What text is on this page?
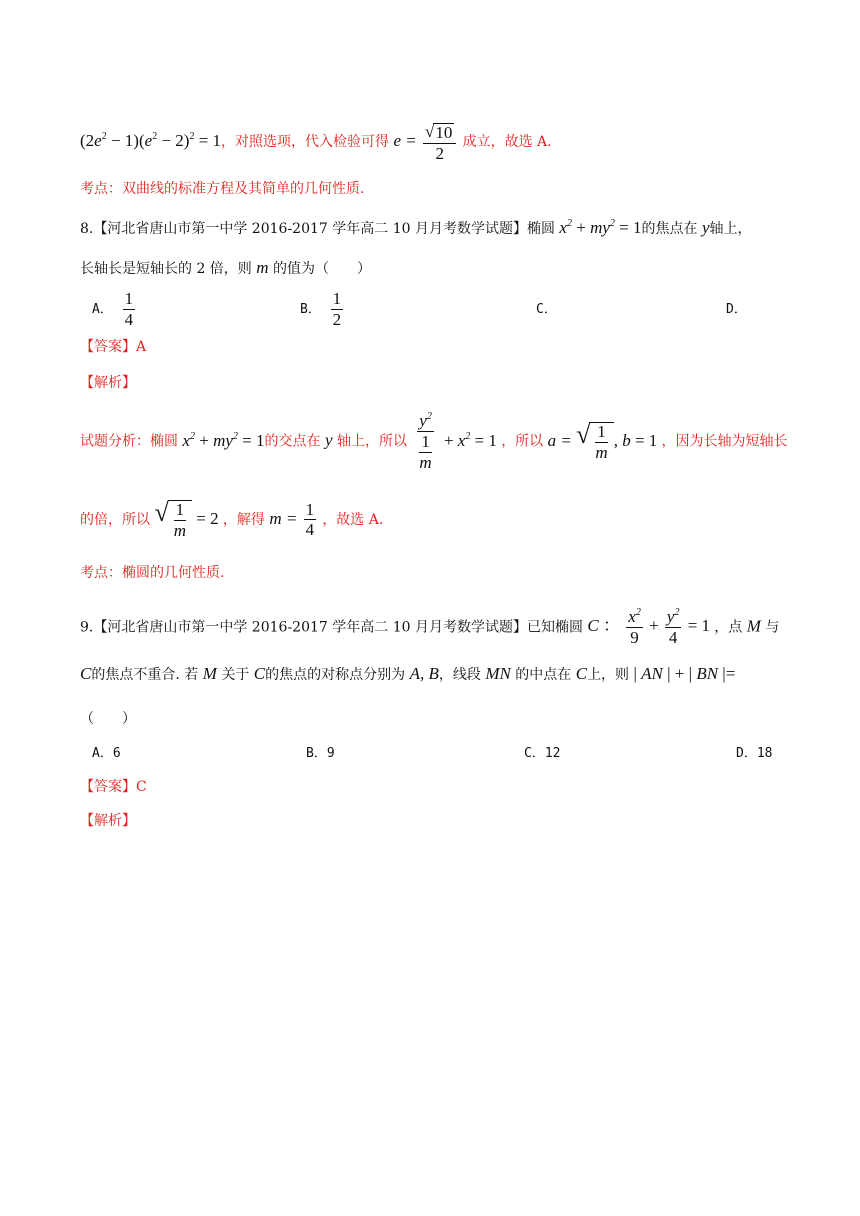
$(2e^2 - 1)(e^2 - 2)^2 = 1$，对照选项，代入检验可得 $e = \frac{√ 10}{2}$ 成立，故选 A.
考点：双曲线的标准方程及其简单的几何性质.
8.【河北省唐山市第一中学 2016-2017 学年高二 10 月月考数学试题】椭圆 $x^2 + my^2 = 1$的焦点在 y轴上，
长轴长是短轴长的 2 倍，则 m 的值为（　　）
A． $\frac{1}{4}$	B． $\frac{1}{2}$	C．	D．
【答案】A
【解析】
试题分析：椭圆 $x^2 + my^2 = 1$的交点在 y 轴上，所以 $\frac{y^2}{\frac{1}{m}} + x^2 = 1$ ，所以 a = √ $\frac{1}{m}$ , b = 1 ，因为长轴为短轴长
的倍，所以 √ $\frac{1}{m} = 2$ ，解得 $m = \frac{1}{4}$ ，故选 A.
考点：椭圆的几何性质.
9.【河北省唐山市第一中学 2016-2017 学年高二 10 月月考数学试题】已知椭圆 C ： $\frac{x^2}{9} + \frac{y^2}{4} = 1$ ，点 M 与
C的焦点不重合. 若 M 关于 C的焦点的对称点分别为 A, B，线段 MN 的中点在 C上，则 | AN | + | BN |=
（　　）
A．6	B．9	C．12	D．18
【答案】C
【解析】
